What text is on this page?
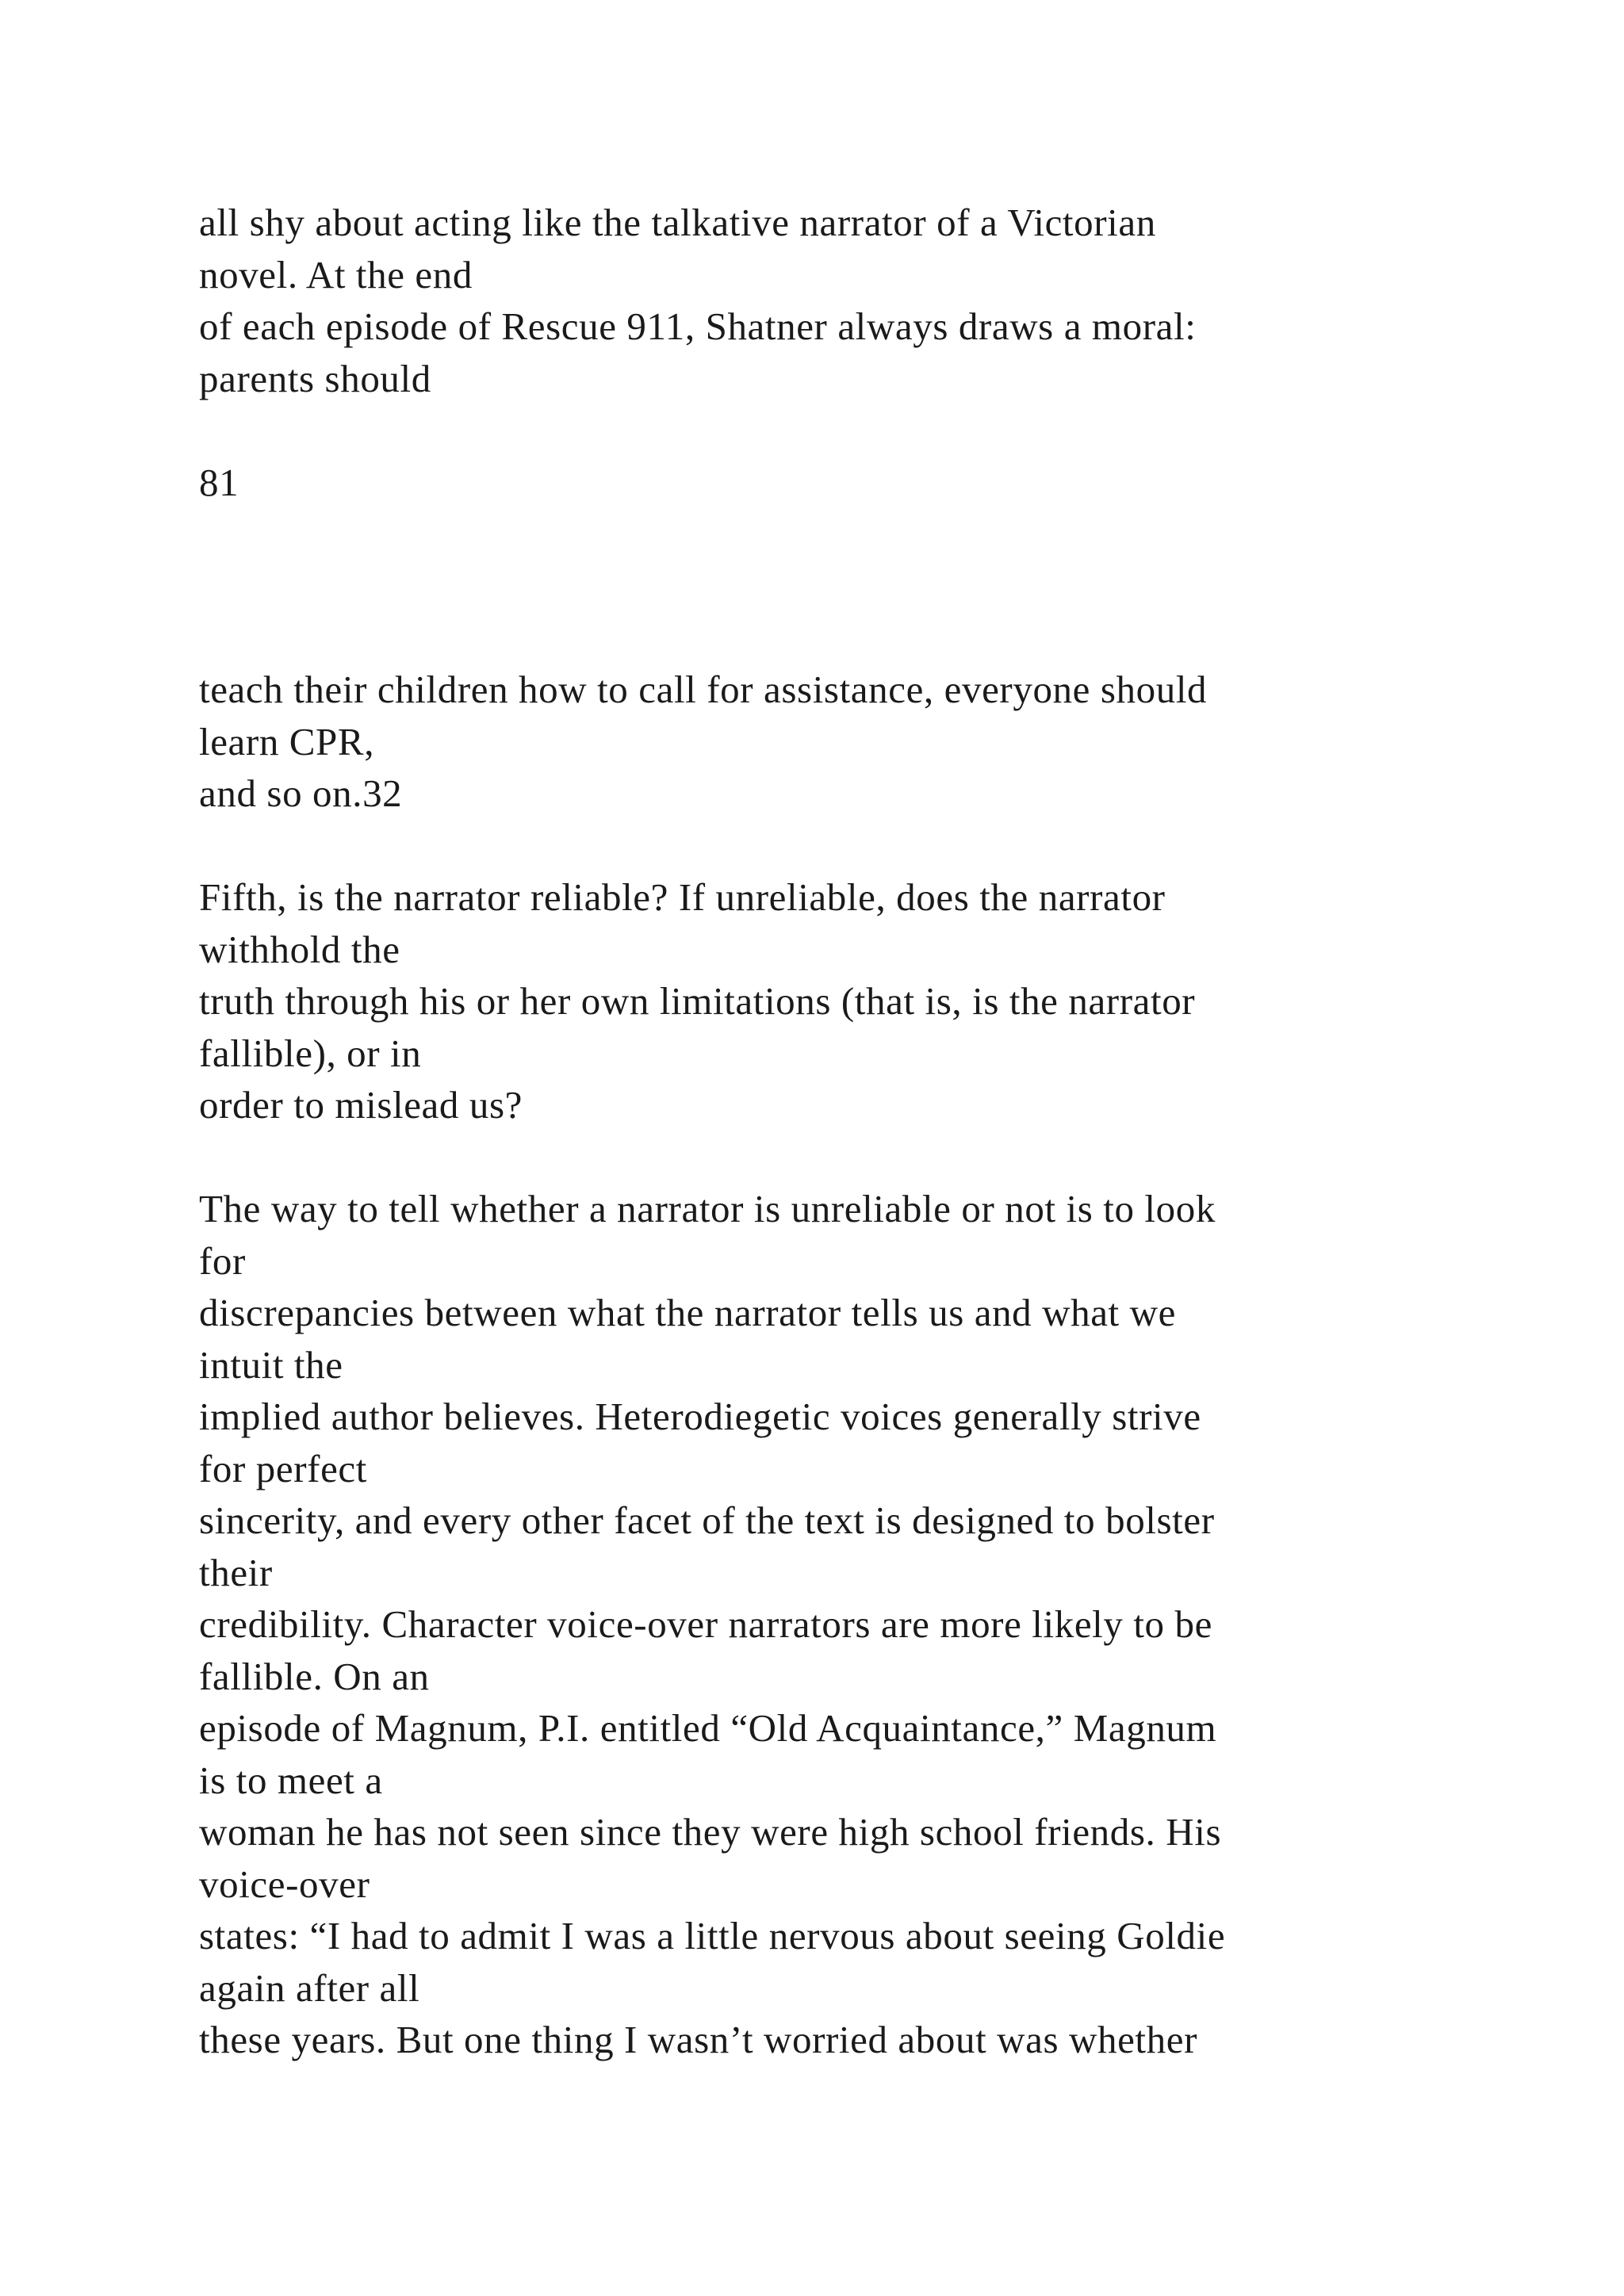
all shy about acting like the talkative narrator of a Victorian
novel. At the end
of each episode of Rescue 911, Shatner always draws a moral:
parents should
81
teach their children how to call for assistance, everyone should
learn CPR,
and so on.32
Fifth, is the narrator reliable? If unreliable, does the narrator
withhold the
truth through his or her own limitations (that is, is the narrator
fallible), or in
order to mislead us?
The way to tell whether a narrator is unreliable or not is to look
for
discrepancies between what the narrator tells us and what we
intuit the
implied author believes. Heterodiegetic voices generally strive
for perfect
sincerity, and every other facet of the text is designed to bolster
their
credibility. Character voice-over narrators are more likely to be
fallible. On an
episode of Magnum, P.I. entitled “Old Acquaintance,” Magnum
is to meet a
woman he has not seen since they were high school friends. His
voice-over
states: “I had to admit I was a little nervous about seeing Goldie
again after all
these years. But one thing I wasn’t worried about was whether
